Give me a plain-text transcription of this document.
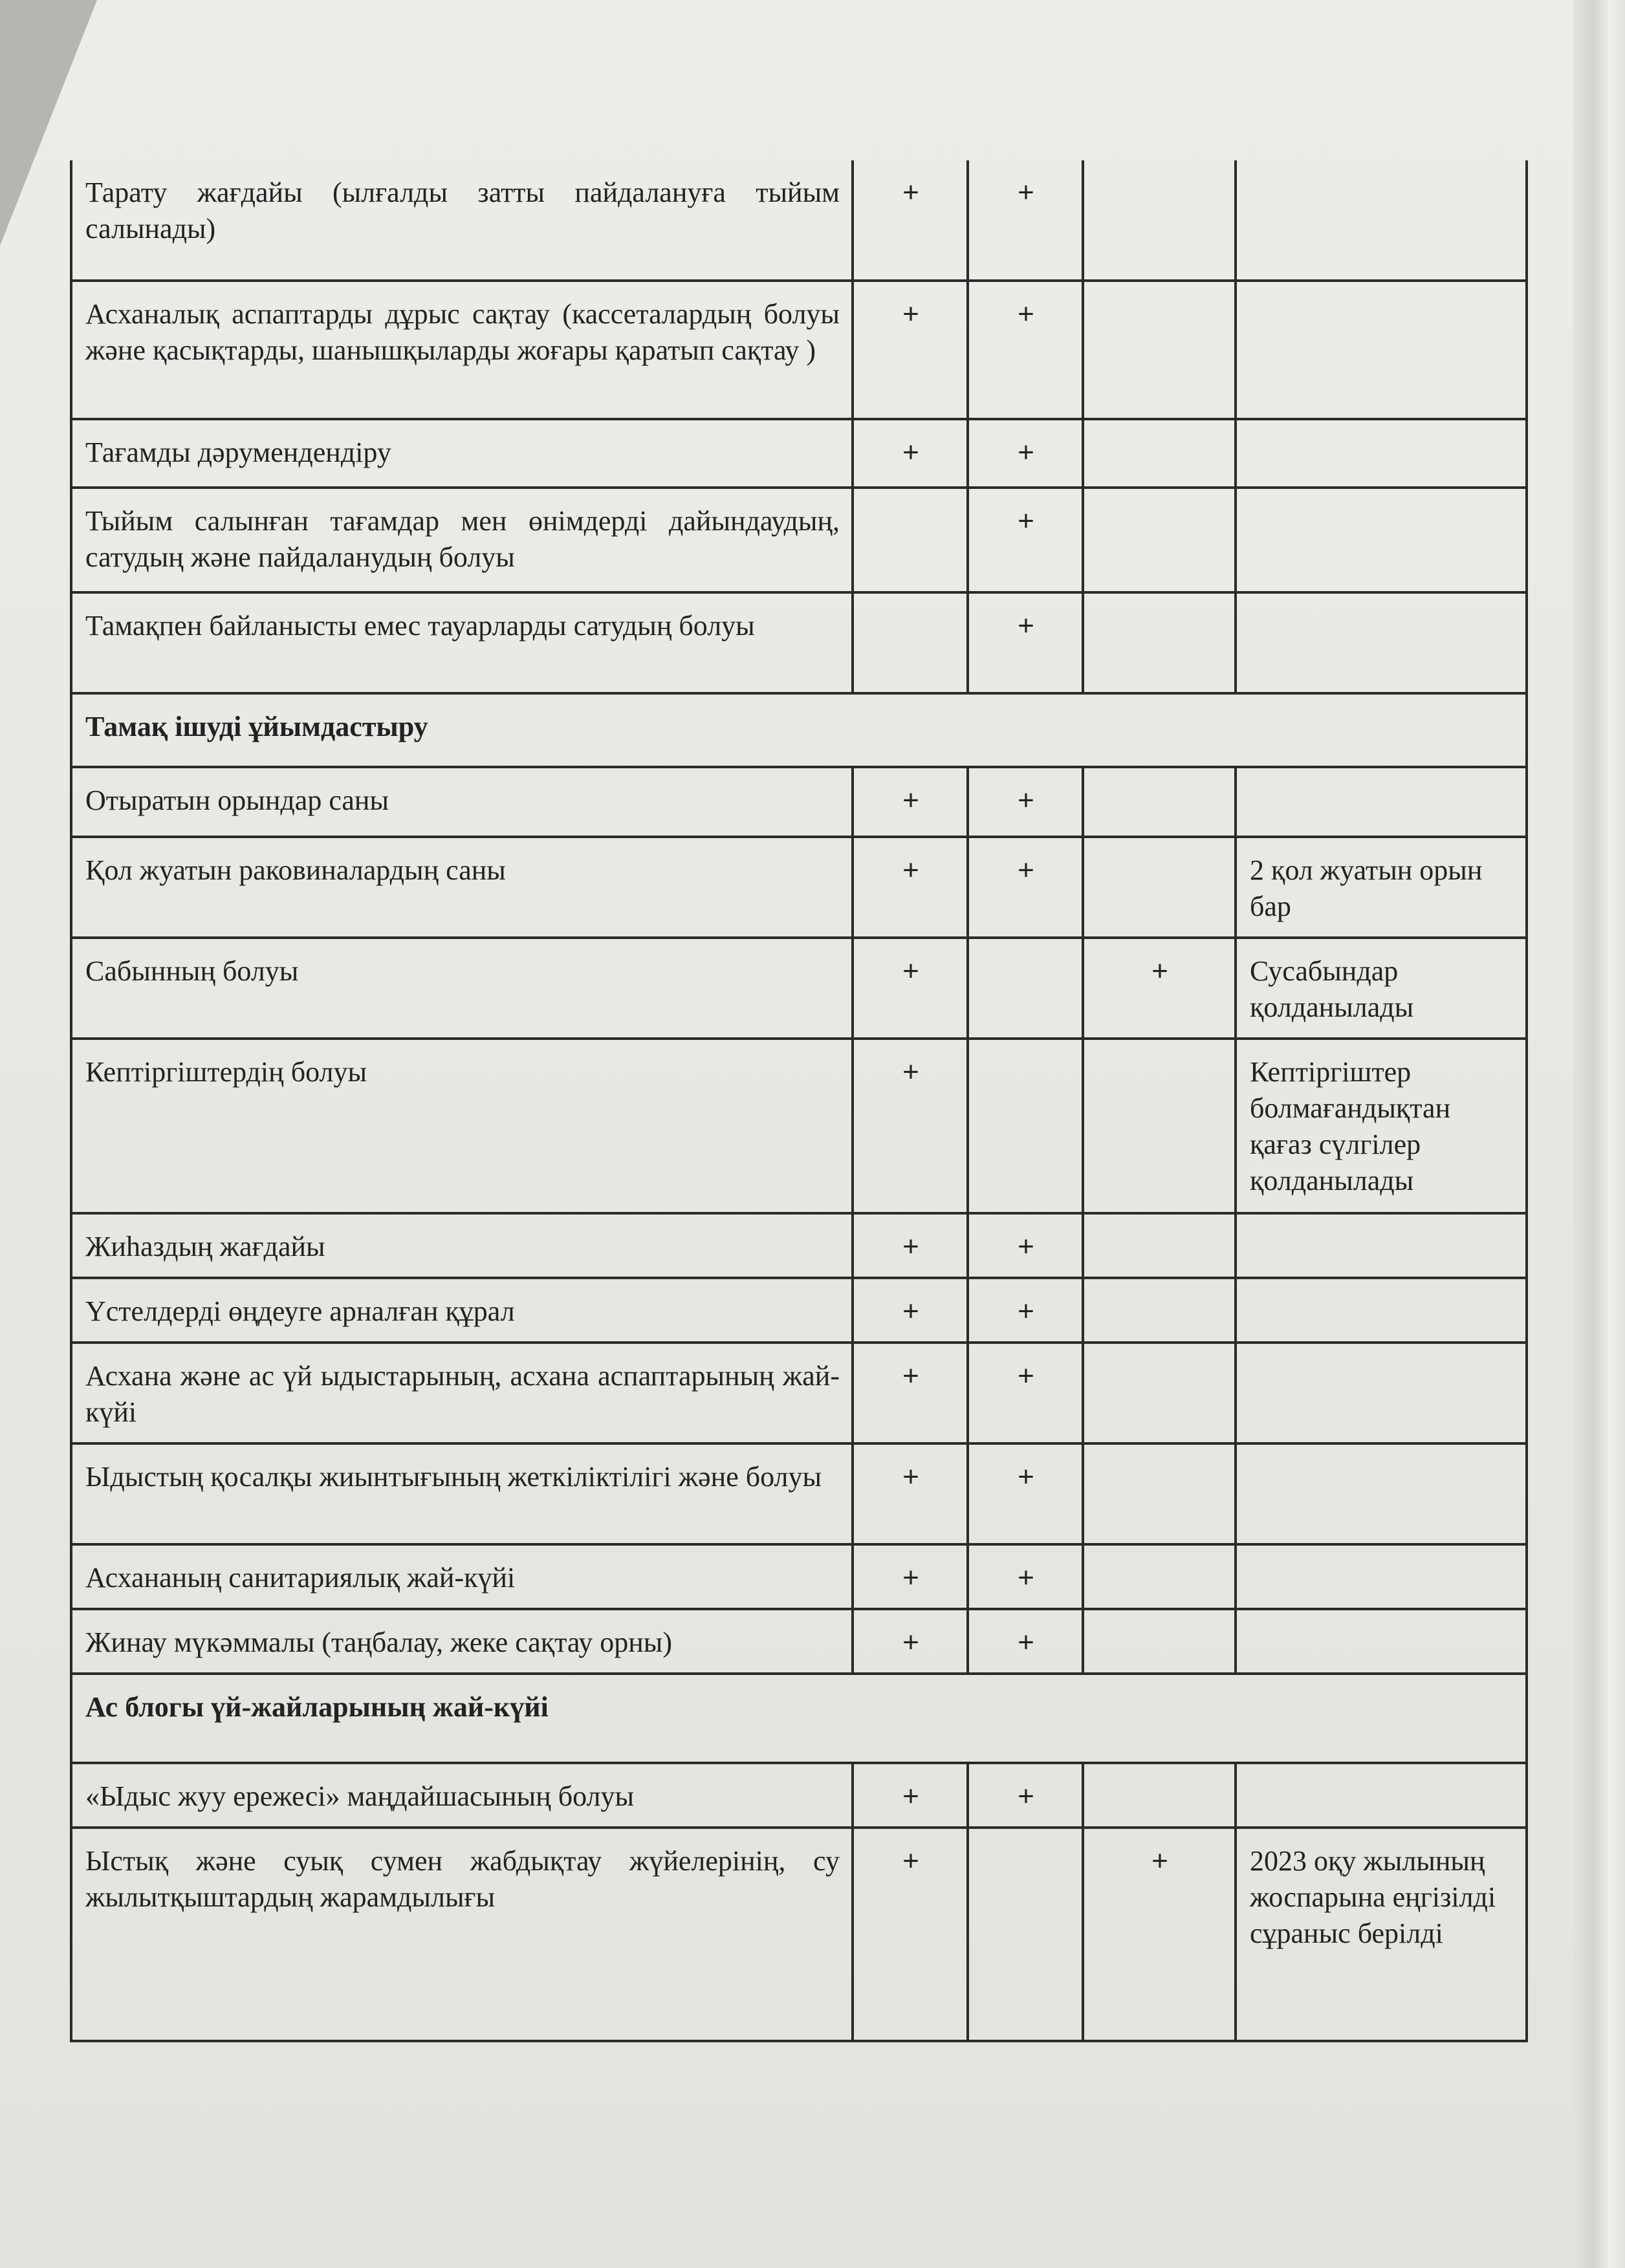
Тарату жағдайы (ылғалды затты пайдалануға тыйым салынады)	+	+		
Асханалық аспаптарды дұрыс сақтау (кассеталардың болуы және қасықтарды, шанышқыларды жоғары қаратып сақтау )	+	+		
Тағамды дәрумендендіру	+	+		
Тыйым салынған тағамдар мен өнімдерді дайындаудың, сатудың және пайдаланудың болуы		+		
Тамақпен байланысты емес тауарларды сатудың болуы		+		
Тамақ ішуді ұйымдастыру				
Отыратын орындар саны	+	+		
Қол жуатын раковиналардың саны	+	+		2 қол жуатын орын бар
Сабынның болуы	+		+	Сусабындар қолданылады
Кептіргіштердің болуы	+			Кептіргіштер болмағандықтан қағаз сүлгілер қолданылады
Жиһаздың жағдайы	+	+		
Үстелдерді өңдеуге арналған құрал	+	+		
Асхана және ас үй ыдыстарының, асхана аспаптарының жай-күйі	+	+		
Ыдыстың қосалқы жиынтығының жеткіліктілігі және болуы	+	+		
Асхананың санитариялық жай-күйі	+	+		
Жинау мүкәммалы (таңбалау, жеке сақтау орны)	+	+		
Ас блогы үй-жайларының жай-күйі				
«Ыдыс жуу ережесі» маңдайшасының болуы	+	+		
Ыстық және суық сумен жабдықтау жүйелерінің, су жылытқыштардың жарамдылығы	+		+	2023 оқу жылының жоспарына еңгізілді сұраныс берілді
